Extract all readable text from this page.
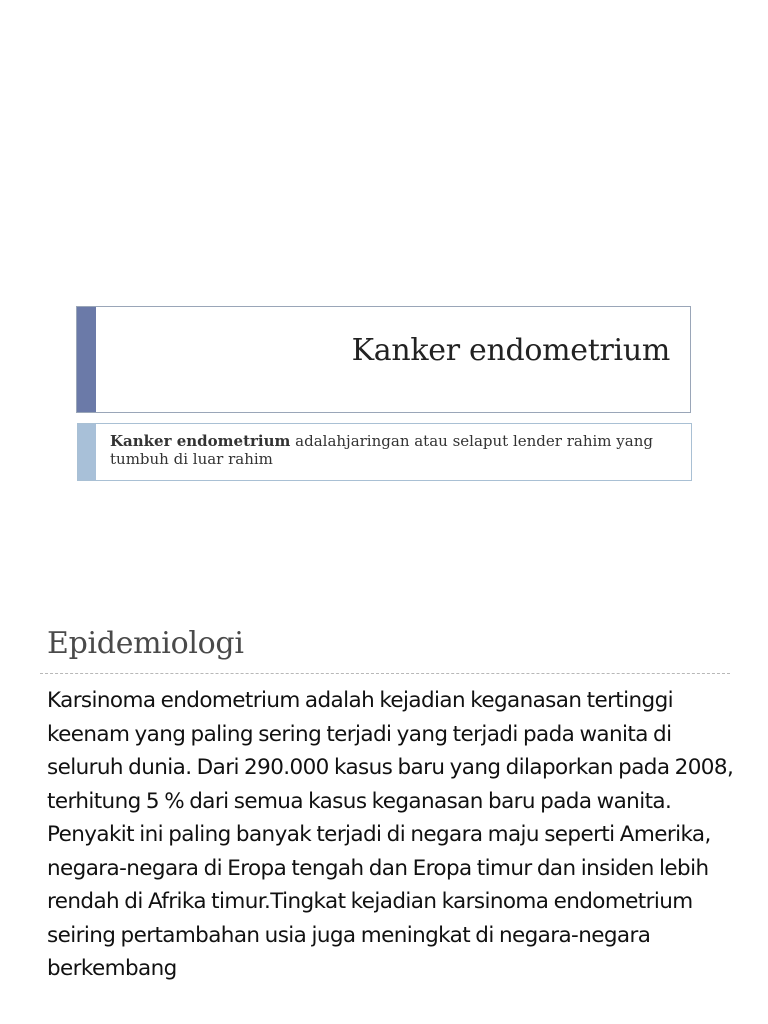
Kanker endometrium
Kanker endometrium adalahjaringan atau selaput lender rahim yang tumbuh di luar rahim
Epidemiologi
Karsinoma endometrium adalah kejadian keganasan tertinggi keenam yang paling sering terjadi yang terjadi pada wanita di seluruh dunia. Dari 290.000 kasus baru yang dilaporkan pada 2008, terhitung 5 % dari semua kasus keganasan baru pada wanita. Penyakit ini paling banyak terjadi di negara maju seperti Amerika, negara-negara di Eropa tengah dan Eropa timur dan insiden lebih rendah di Afrika timur.Tingkat kejadian karsinoma endometrium seiring pertambahan usia juga meningkat di negara-negara berkembang
